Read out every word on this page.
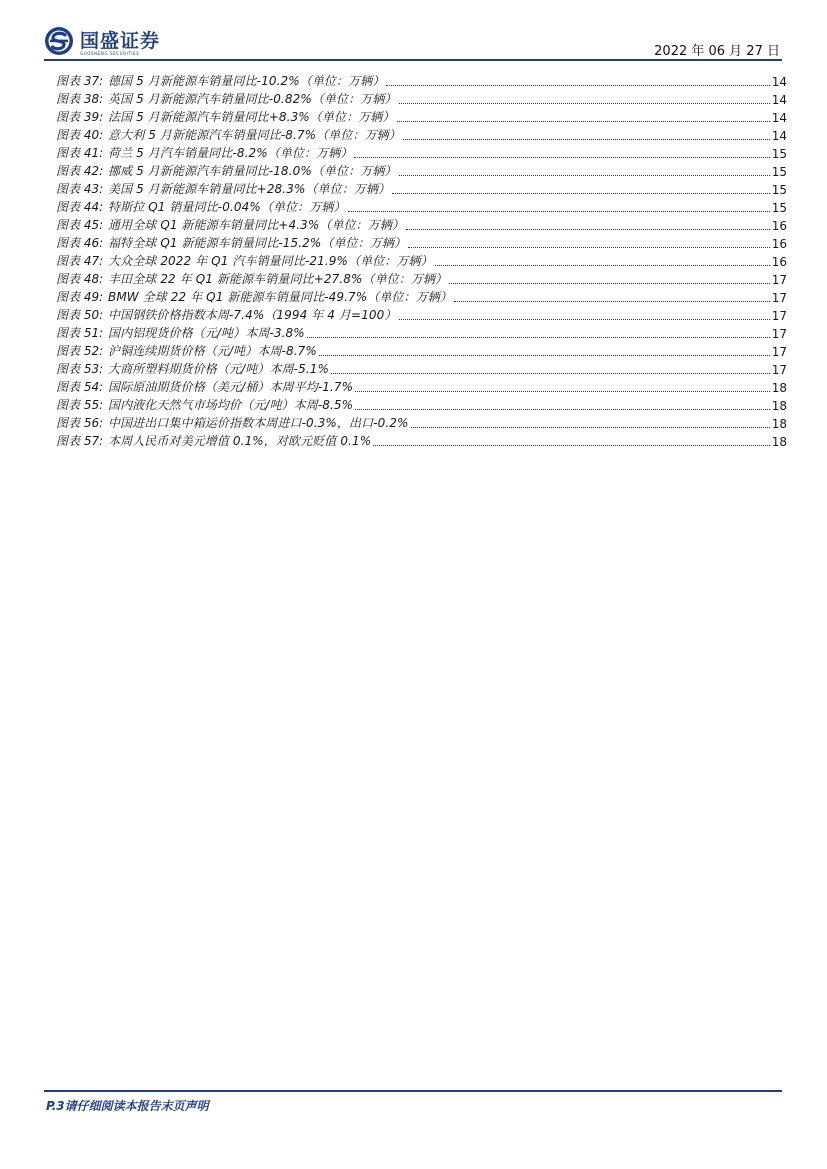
国盛证券
GUOSHENG SECURITIES	2022 年 06 月 27 日
图表 37: 德国 5 月新能源车销量同比-10.2%（单位：万辆）	14
图表 38: 英国 5 月新能源汽车销量同比-0.82%（单位：万辆）	14
图表 39: 法国 5 月新能源汽车销量同比+8.3%（单位：万辆）	14
图表 40: 意大利 5 月新能源汽车销量同比-8.7%（单位：万辆）	14
图表 41: 荷兰 5 月汽车销量同比-8.2%（单位：万辆）	15
图表 42: 挪威 5 月新能源汽车销量同比-18.0%（单位：万辆）	15
图表 43: 美国 5 月新能源车销量同比+28.3%（单位：万辆）	15
图表 44: 特斯拉 Q1 销量同比-0.04%（单位：万辆）	15
图表 45: 通用全球 Q1 新能源车销量同比+4.3%（单位：万辆）	16
图表 46: 福特全球 Q1 新能源车销量同比-15.2%（单位：万辆）	16
图表 47: 大众全球 2022 年 Q1 汽车销量同比-21.9%（单位：万辆）	16
图表 48: 丰田全球 22 年 Q1 新能源车销量同比+27.8%（单位：万辆）	17
图表 49: BMW 全球 22 年 Q1 新能源车销量同比-49.7%（单位：万辆）	17
图表 50: 中国钢铁价格指数本周-7.4%（1994 年 4 月=100）	17
图表 51: 国内铝现货价格（元/吨）本周-3.8%	17
图表 52: 沪铜连续期货价格（元/吨）本周-8.7%	17
图表 53: 大商所塑料期货价格（元/吨）本周-5.1%	17
图表 54: 国际原油期货价格（美元/桶）本周平均-1.7%	18
图表 55: 国内液化天然气市场均价（元/吨）本周-8.5%	18
图表 56: 中国进出口集中箱运价指数本周进口-0.3%，出口-0.2%	18
图表 57: 本周人民币对美元增值 0.1%，对欧元贬值 0.1%	18
P.3请仔细阅读本报告末页声明
